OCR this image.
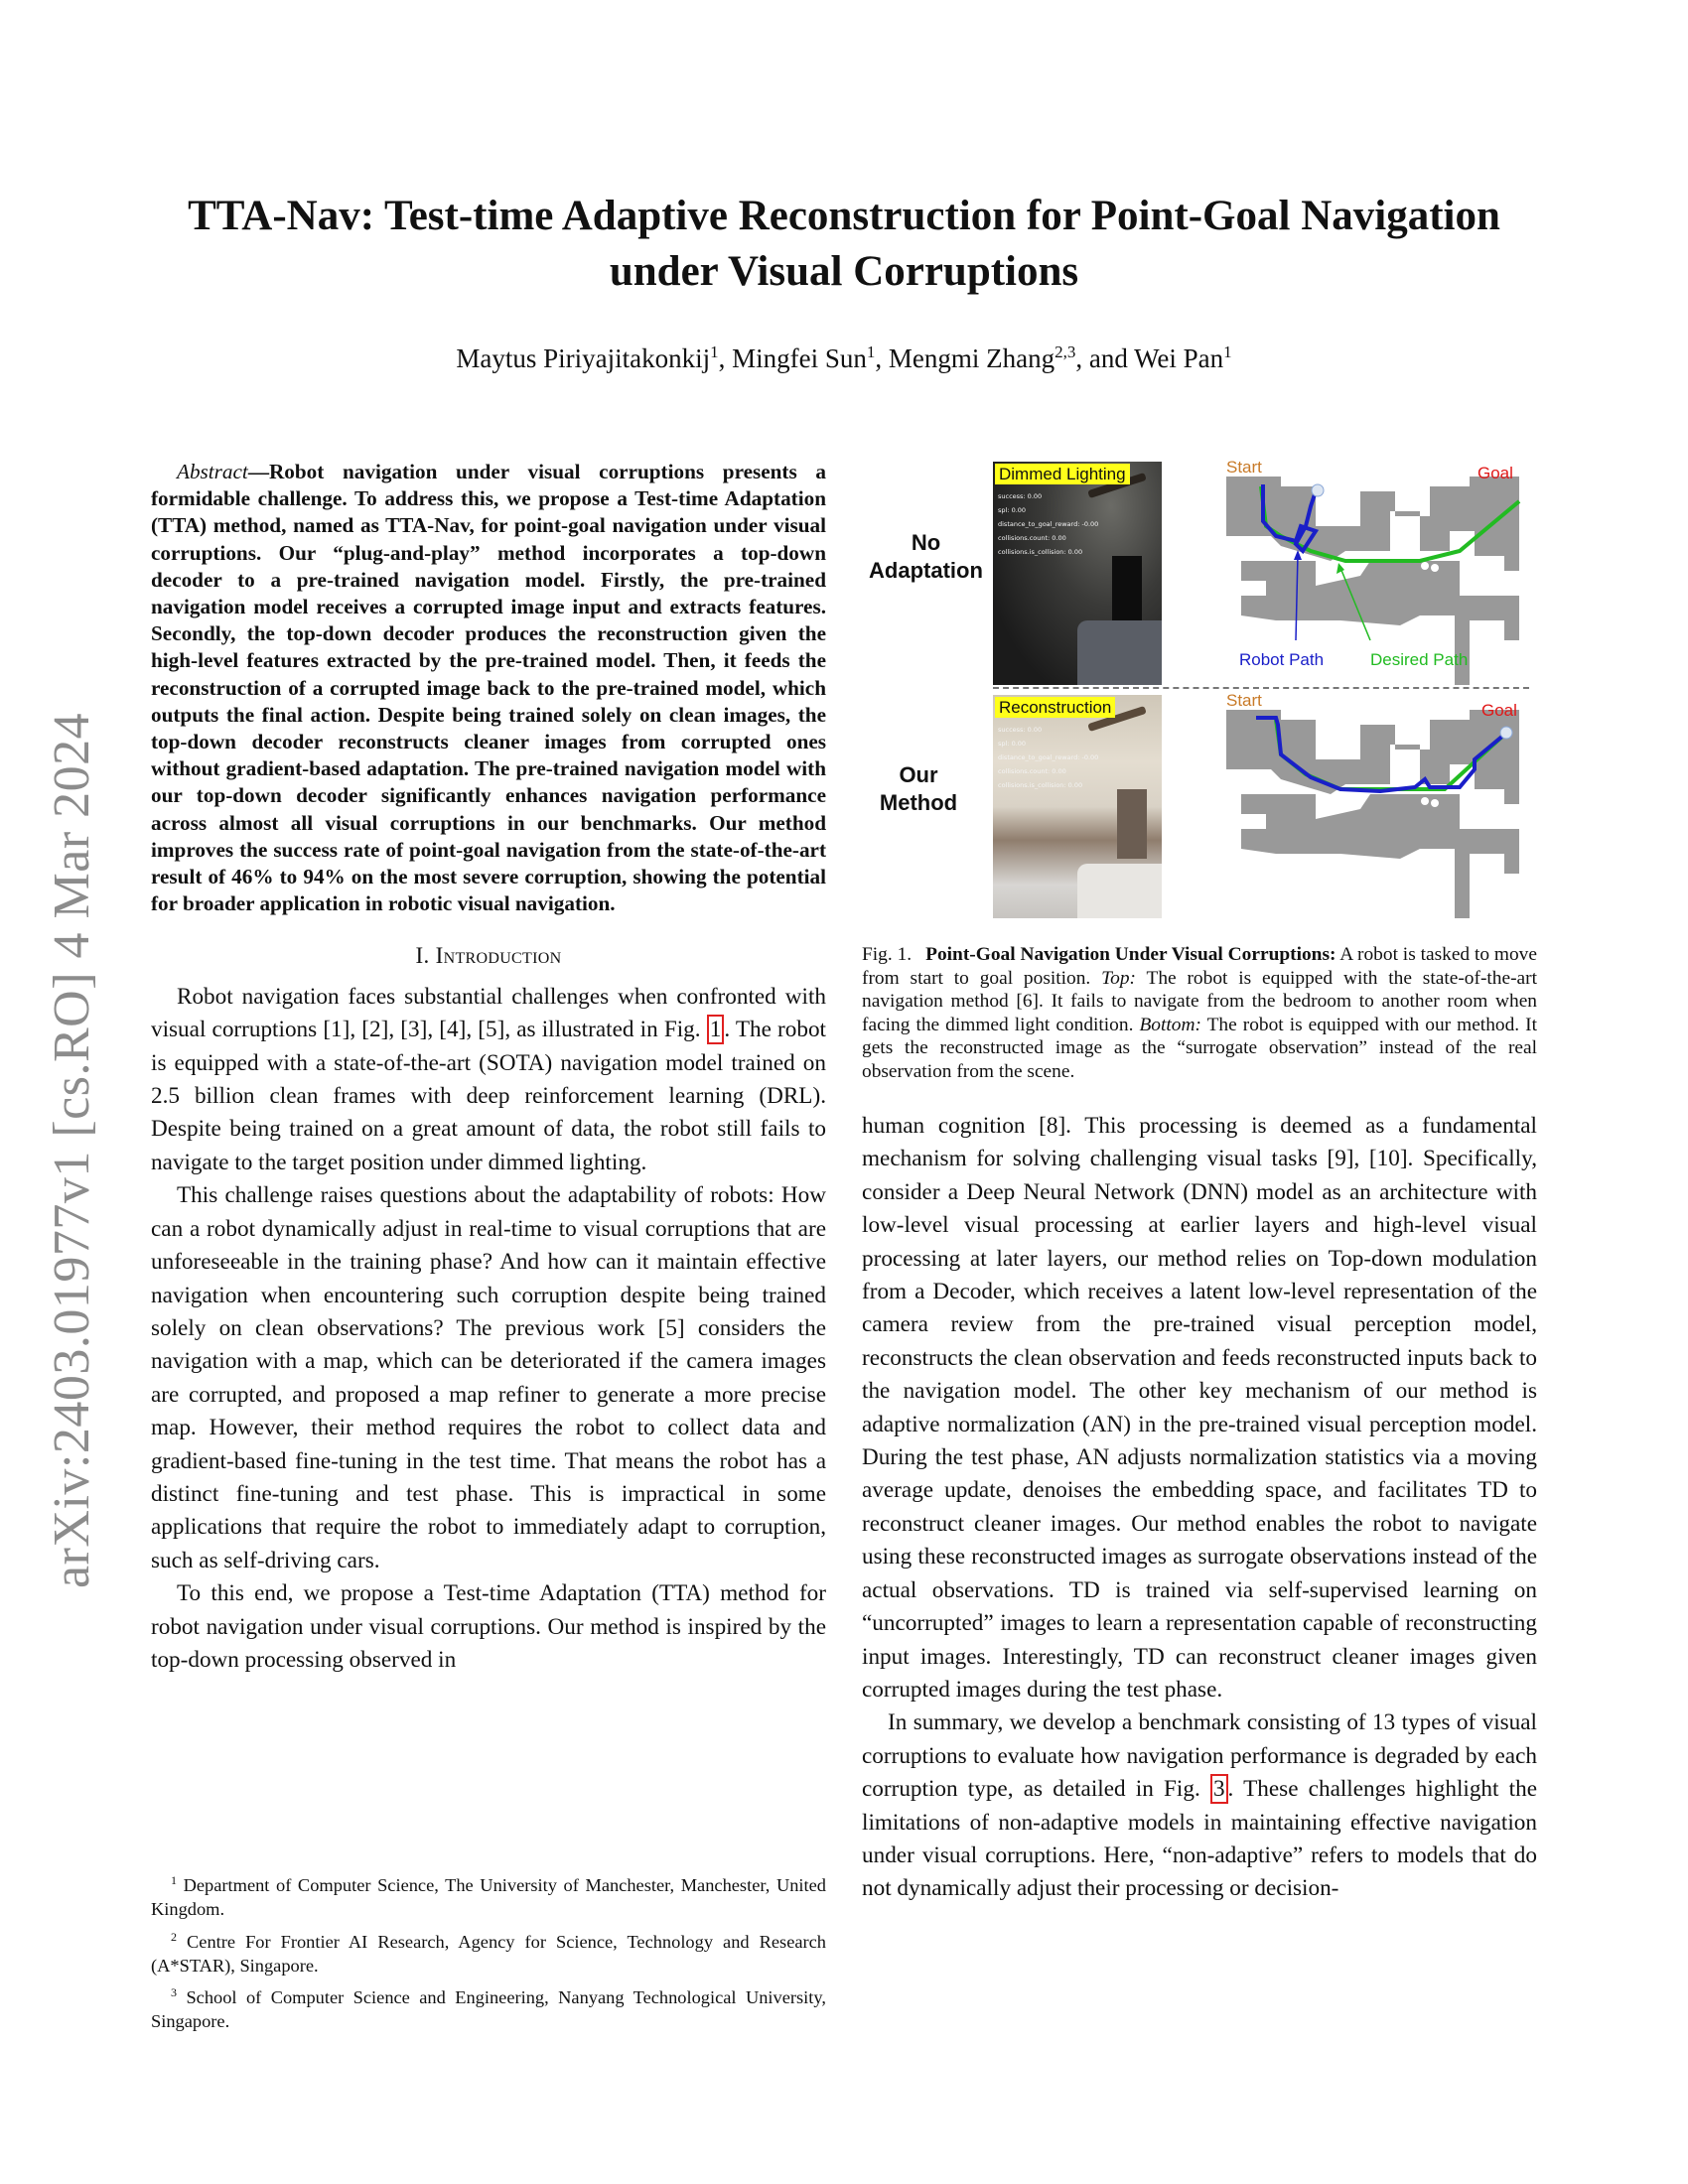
arXiv:2403.01977v1 [cs.RO] 4 Mar 2024
TTA-Nav: Test-time Adaptive Reconstruction for Point-Goal Navigation
under Visual Corruptions
Maytus Piriyajitakonkij$^1$, Mingfei Sun$^1$, Mengmi Zhang$^{2,3}$, and Wei Pan$^1$

Abstract—Robot navigation under visual corruptions presents a formidable challenge. To address this, we propose a Test-time Adaptation (TTA) method, named as TTA-Nav, for point-goal navigation under visual corruptions. Our “plug-and-play” method incorporates a top-down decoder to a pre-trained navigation model. Firstly, the pre-trained navigation model receives a corrupted image input and extracts features. Secondly, the top-down decoder produces the reconstruction given the high-level features extracted by the pre-trained model. Then, it feeds the reconstruction of a corrupted image back to the pre-trained model, which outputs the final action. Despite being trained solely on clean images, the top-down decoder reconstructs cleaner images from corrupted ones without gradient-based adaptation. The pre-trained navigation model with our top-down decoder significantly enhances navigation performance across almost all visual corruptions in our benchmarks. Our method improves the success rate of point-goal navigation from the state-of-the-art result of 46% to 94% on the most severe corruption, showing the potential for broader application in robotic visual navigation.

I. Introduction

Robot navigation faces substantial challenges when confronted with visual corruptions [1], [2], [3], [4], [5], as illustrated in Fig. 1 . The robot is equipped with a state-of-the-art (SOTA) navigation model trained on 2.5 billion clean frames with deep reinforcement learning (DRL). Despite being trained on a great amount of data, the robot still fails to navigate to the target position under dimmed lighting.

This challenge raises questions about the adaptability of robots: How can a robot dynamically adjust in real-time to visual corruptions that are unforeseeable in the training phase? And how can it maintain effective navigation when encountering such corruption despite being trained solely on clean observations? The previous work [5] considers the navigation with a map, which can be deteriorated if the camera images are corrupted, and proposed a map refiner to generate a more precise map. However, their method requires the robot to collect data and gradient-based fine-tuning in the test time. That means the robot has a distinct fine-tuning and test phase. This is impractical in some applications that require the robot to immediately adapt to corruption, such as self-driving cars.

To this end, we propose a Test-time Adaptation (TTA) method for robot navigation under visual corruptions. Our method is inspired by the top-down processing observed in

$^1$ Department of Computer Science, The University of Manchester, Manchester, United Kingdom.

$^2$ Centre For Frontier AI Research, Agency for Science, Technology and Research (A*STAR), Singapore.

$^3$ School of Computer Science and Engineering, Nanyang Technological University, Singapore.

No
Adaptation
Our
Method
Dimmed Lighting
success: 0.00
spl: 0.00
distance_to_goal_reward: -0.00
collisions.count: 0.00
collisions.is_collision: 0.00
Reconstruction
success: 0.00
spl: 0.00
distance_to_goal_reward: -0.00
collisions.count: 0.00
collisions.is_collision: 0.00
Start	Goal
Robot Path	Desired Path
Start
Goal
Fig. 1. Point-Goal Navigation Under Visual Corruptions: A robot is tasked to move from start to goal position. Top: The robot is equipped with the state-of-the-art navigation method [6]. It fails to navigate from the bedroom to another room when facing the dimmed light condition. Bottom: The robot is equipped with our method. It gets the reconstructed image as the “surrogate observation” instead of the real observation from the scene.

human cognition [8]. This processing is deemed as a fundamental mechanism for solving challenging visual tasks [9], [10]. Specifically, consider a Deep Neural Network (DNN) model as an architecture with low-level visual processing at earlier layers and high-level visual processing at later layers, our method relies on Top-down modulation from a Decoder, which receives a latent low-level representation of the camera review from the pre-trained visual perception model, reconstructs the clean observation and feeds reconstructed inputs back to the navigation model. The other key mechanism of our method is adaptive normalization (AN) in the pre-trained visual perception model. During the test phase, AN adjusts normalization statistics via a moving average update, denoises the embedding space, and facilitates TD to reconstruct cleaner images. Our method enables the robot to navigate using these reconstructed images as surrogate observations instead of the actual observations. TD is trained via self-supervised learning on “uncorrupted” images to learn a representation capable of reconstructing input images. Interestingly, TD can reconstruct cleaner images given corrupted images during the test phase.

In summary, we develop a benchmark consisting of 13 types of visual corruptions to evaluate how navigation performance is degraded by each corruption type, as detailed in Fig. 3 . These challenges highlight the limitations of non-adaptive models in maintaining effective navigation under visual corruptions. Here, “non-adaptive” refers to models that do not dynamically adjust their processing or decision-
